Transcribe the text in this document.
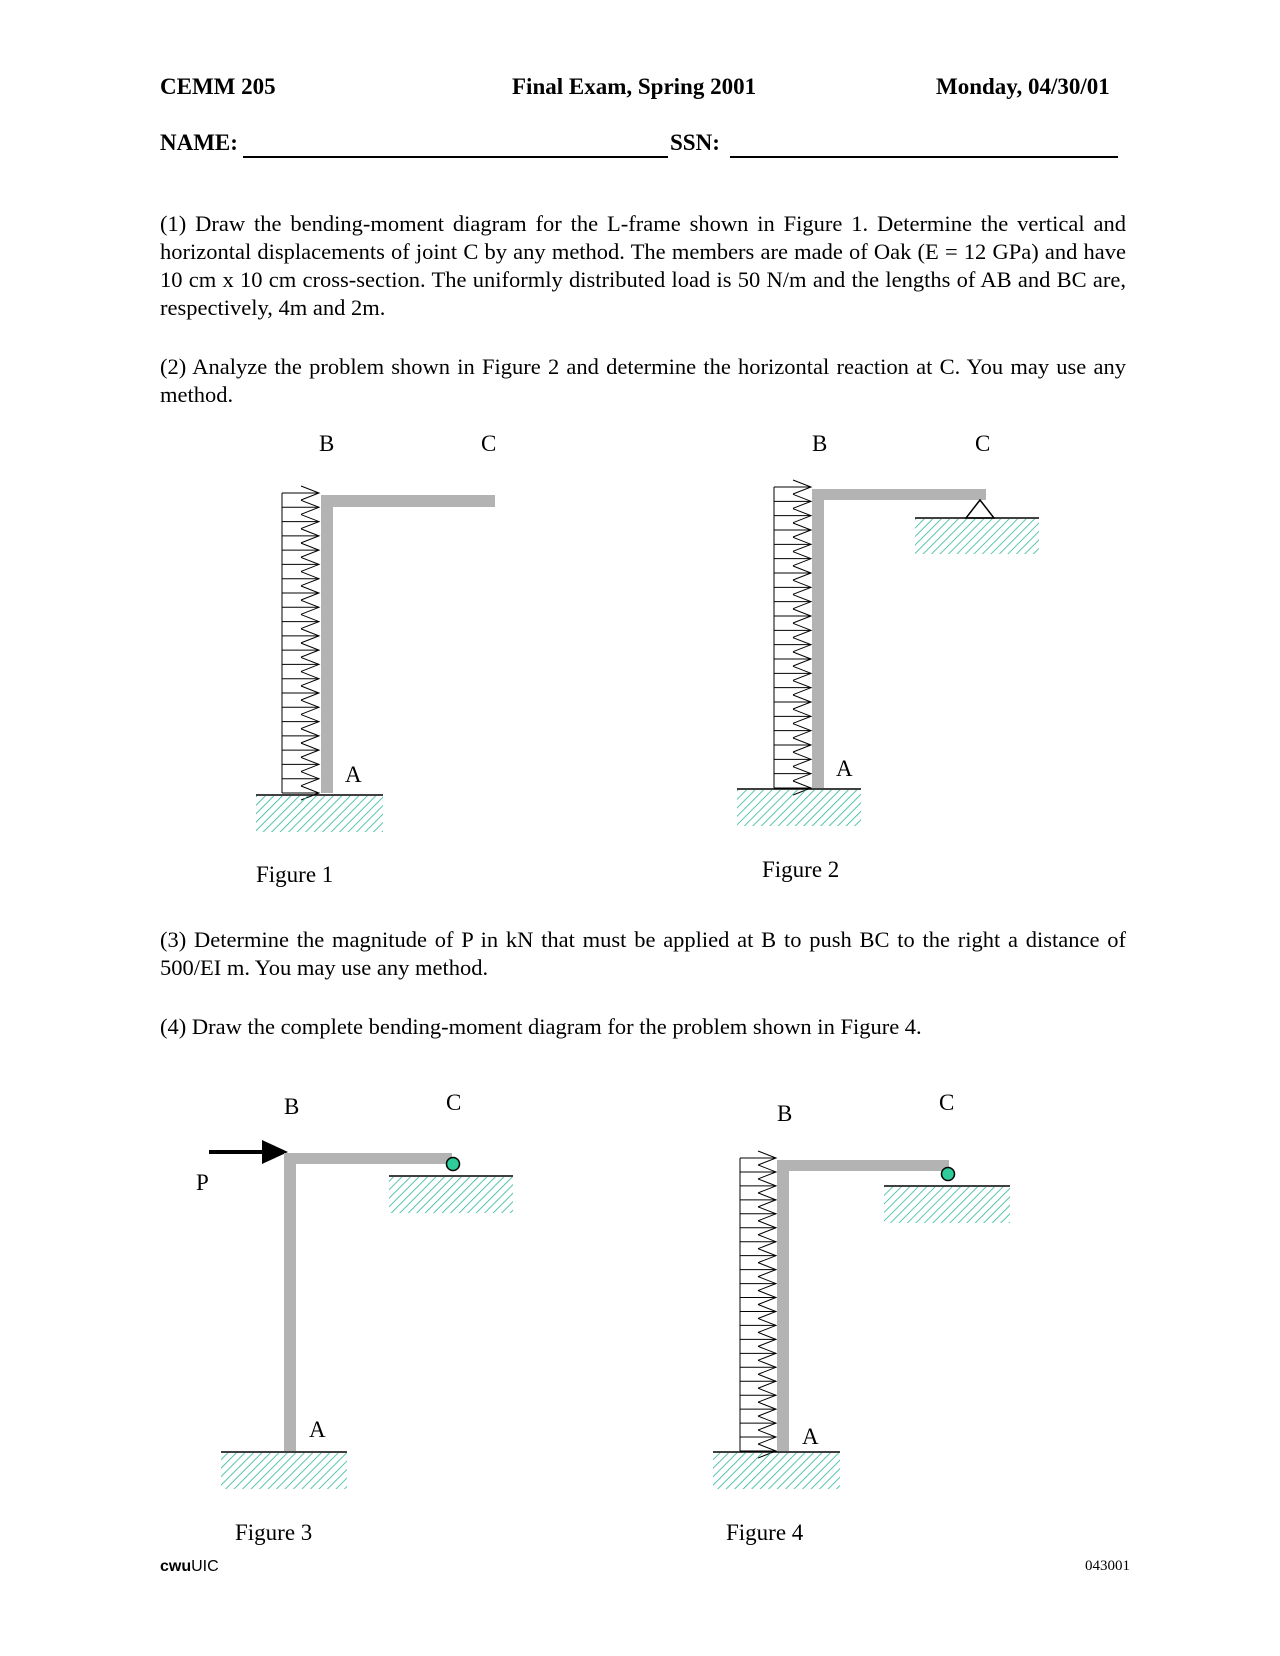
CEMM 205	Final Exam, Spring 2001	Monday, 04/30/01
NAME:	SSN:
(1) Draw the bending-moment diagram for the L-frame shown in Figure 1. Determine the vertical and horizontal displacements of joint C by any method. The members are made of Oak (E = 12 GPa) and have 10 cm x 10 cm cross-section. The uniformly distributed load is 50 N/m and the lengths of AB and BC are, respectively, 4m and 2m.
(2) Analyze the problem shown in Figure 2 and determine the horizontal reaction at C. You may use any method.
(3) Determine the magnitude of P in kN that must be applied at B to push BC to the right a distance of 500/EI m. You may use any method.
(4) Draw the complete bending-moment diagram for the problem shown in Figure 4.
B	C
A
Figure 1
B	C
A
Figure 2
B	C
P
A
Figure 3
B	C
A
Figure 4
cwuUIC	043001
